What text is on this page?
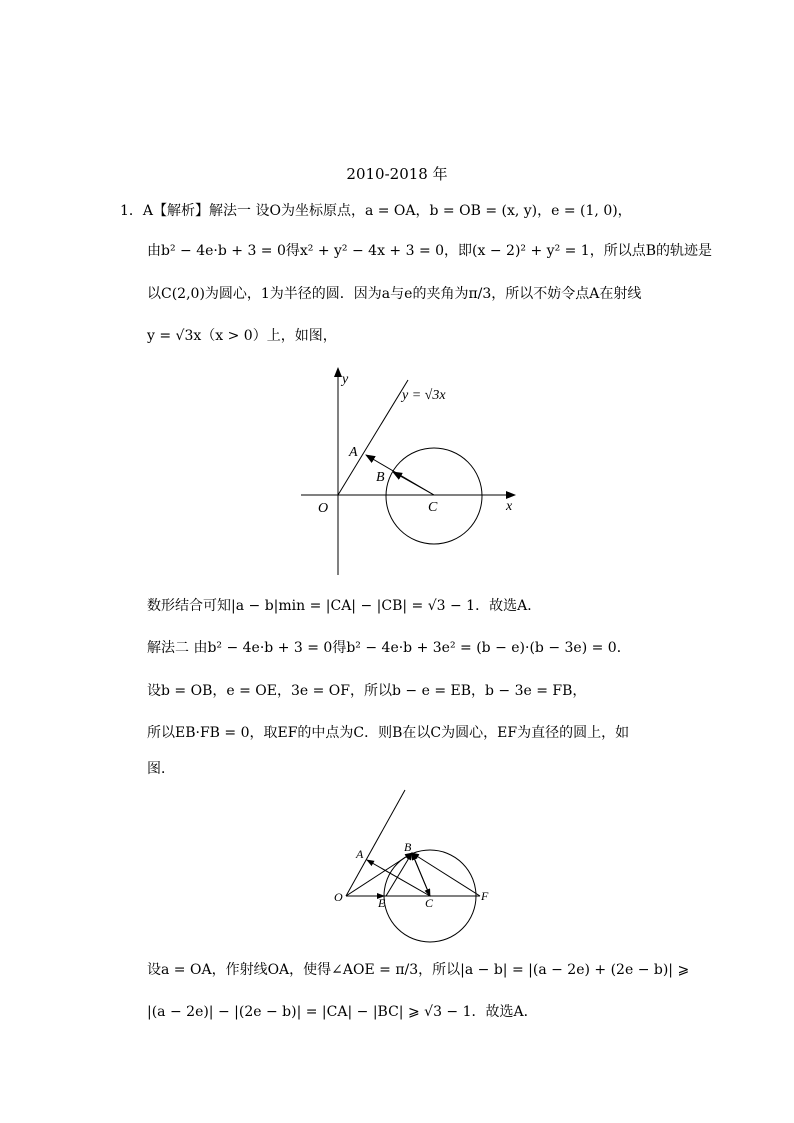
2010-2018 年
1．A【解析】解法一 设O为坐标原点，a = OA，b = OB = (x, y)，e = (1, 0)，
由b² − 4e·b + 3 = 0得x² + y² − 4x + 3 = 0，即(x − 2)² + y² = 1，所以点B的轨迹是
以C(2,0)为圆心，1为半径的圆．因为a与e的夹角为π/3，所以不妨令点A在射线
y = √3x（x > 0）上，如图，
y
x
O
A
B
C
y = √3x
数形结合可知|a − b|min = |CA| − |CB| = √3 − 1．故选A．
解法二 由b² − 4e·b + 3 = 0得b² − 4e·b + 3e² = (b − e)·(b − 3e) = 0．
设b = OB，e = OE，3e = OF，所以b − e = EB，b − 3e = FB，
所以EB·FB = 0，取EF的中点为C．则B在以C为圆心，EF为直径的圆上，如
图．
O
A	B
C
E	F
设a = OA，作射线OA，使得∠AOE = π/3，所以|a − b| = |(a − 2e) + (2e − b)| ⩾
|(a − 2e)| − |(2e − b)| = |CA| − |BC| ⩾ √3 − 1．故选A．
